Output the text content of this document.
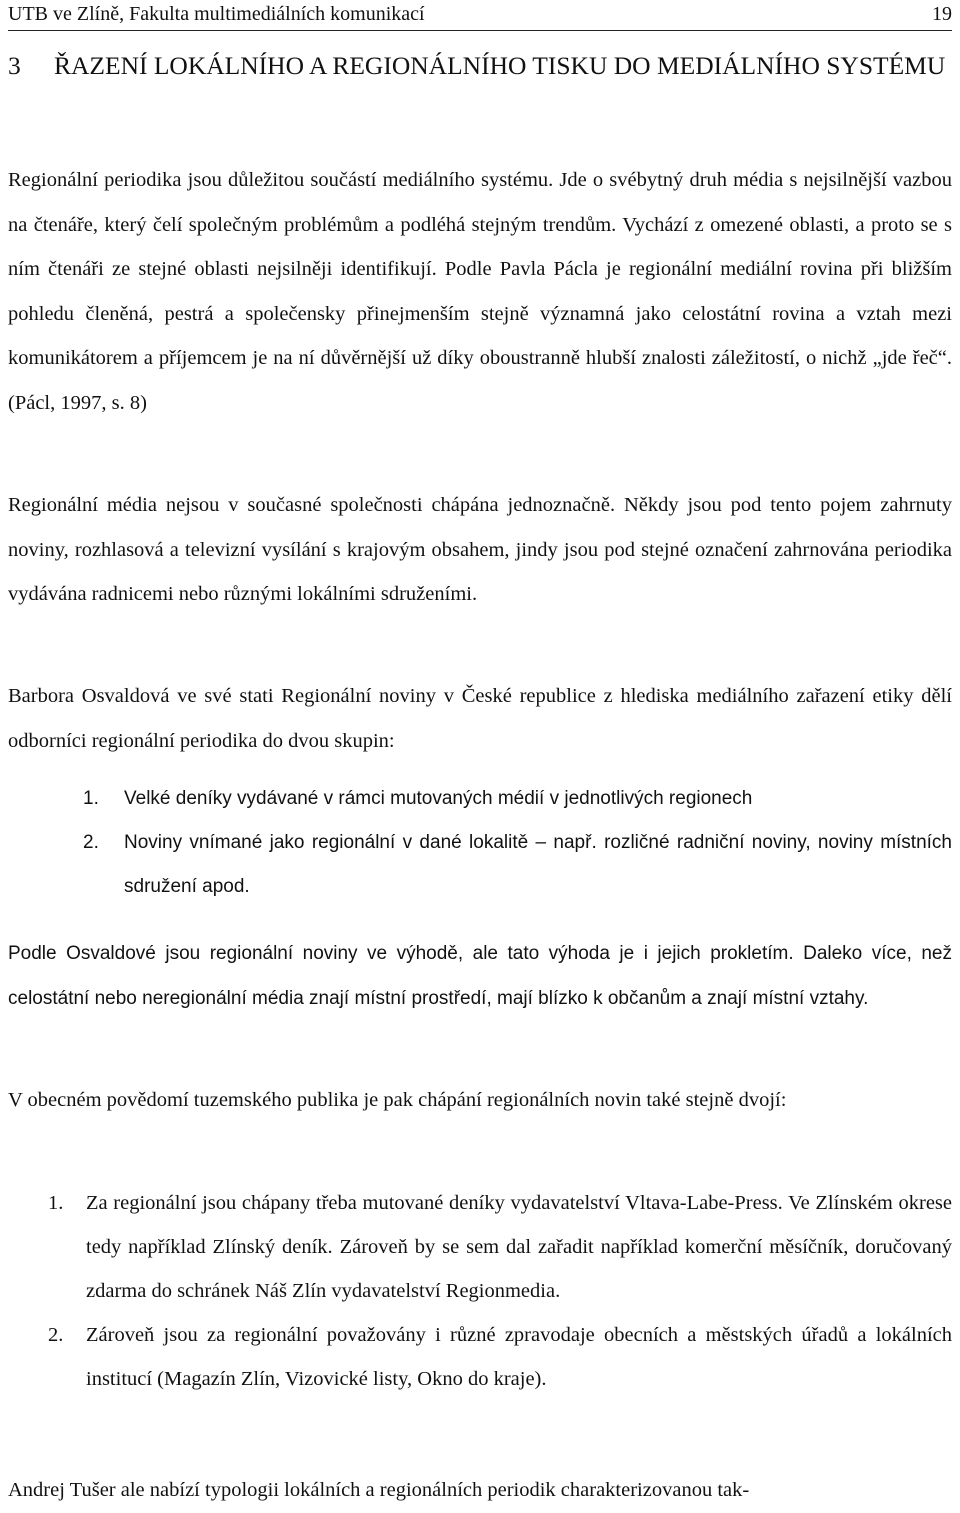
UTB ve Zlíně, Fakulta multimediálních komunikací	19
3 ŘAZENÍ LOKÁLNÍHO A REGIONÁLNÍHO TISKU DO MEDIÁLNÍHO SYSTÉMU
Regionální periodika jsou důležitou součástí mediálního systému. Jde o svébytný druh média s nejsilnější vazbou na čtenáře, který čelí společným problémům a podléhá stejným trendům. Vychází z omezené oblasti, a proto se s ním čtenáři ze stejné oblasti nejsilněji identifikují. Podle Pavla Pácla je regionální mediální rovina při bližším pohledu členěná, pestrá a společensky přinejmenším stejně významná jako celostátní rovina a vztah mezi komunikátorem a příjemcem je na ní důvěrnější už díky oboustranně hlubší znalosti záležitostí, o nichž „jde řeč“. (Pácl, 1997, s. 8)
Regionální média nejsou v současné společnosti chápána jednoznačně. Někdy jsou pod tento pojem zahrnuty noviny, rozhlasová a televizní vysílání s krajovým obsahem, jindy jsou pod stejné označení zahrnována periodika vydávána radnicemi nebo různými lokálními sdruženími.
Barbora Osvaldová ve své stati Regionální noviny v České republice z hlediska mediálního zařazení etiky dělí odborníci regionální periodika do dvou skupin:
1. Velké deníky vydávané v rámci mutovaných médií v jednotlivých regionech
2. Noviny vnímané jako regionální v dané lokalitě – např. rozličné radniční noviny, noviny místních sdružení apod.
Podle Osvaldové jsou regionální noviny ve výhodě, ale tato výhoda je i jejich prokletím. Daleko více, než celostátní nebo neregionální média znají místní prostředí, mají blízko k občanům a znají místní vztahy.
V obecném povědomí tuzemského publika je pak chápání regionálních novin také stejně dvojí:
1. Za regionální jsou chápany třeba mutované deníky vydavatelství Vltava-Labe-Press. Ve Zlínském okrese tedy například Zlínský deník. Zároveň by se sem dal zařadit například komerční měsíčník, doručovaný zdarma do schránek Náš Zlín vydavatelství Regionmedia.
2. Zároveň jsou za regionální považovány i různé zpravodaje obecních a městských úřadů a lokálních institucí (Magazín Zlín, Vizovické listy, Okno do kraje).
Andrej Tušer ale nabízí typologii lokálních a regionálních periodik charakterizovanou tak-
